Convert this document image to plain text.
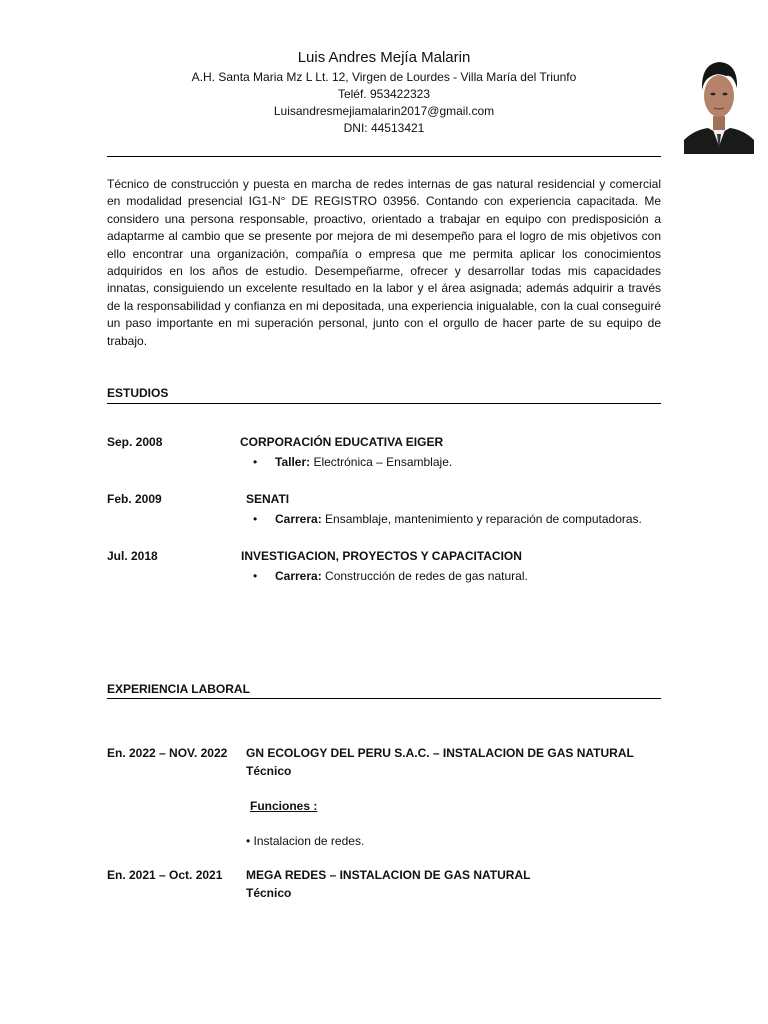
Luis Andres Mejía Malarin
A.H. Santa Maria Mz L Lt. 12, Virgen de Lourdes - Villa María del Triunfo
Teléf. 953422323
Luisandresmejiamalarin2017@gmail.com
DNI: 44513421
Técnico de construcción y puesta en marcha de redes internas de gas natural residencial y comercial en modalidad presencial IG1-N° DE REGISTRO 03956. Contando con experiencia capacitada. Me considero una persona responsable, proactivo, orientado a trabajar en equipo con predisposición a adaptarme al cambio que se presente por mejora de mi desempeño para el logro de mis objetivos con ello encontrar una organización, compañía o empresa que me permita aplicar los conocimientos adquiridos en los años de estudio. Desempeñarme, ofrecer y desarrollar todas mis capacidades innatas, consiguiendo un excelente resultado en la labor y el área asignada; además adquirir a través de la responsabilidad y confianza en mi depositada, una experiencia inigualable, con la cual conseguiré un paso importante en mi superación personal, junto con el orgullo de hacer parte de su equipo de trabajo.
ESTUDIOS
Sep. 2008	CORPORACIÓN EDUCATIVA EIGER
• Taller: Electrónica – Ensamblaje.
Feb. 2009	SENATI
• Carrera: Ensamblaje, mantenimiento y reparación de computadoras.
Jul. 2018	INVESTIGACION, PROYECTOS Y CAPACITACION
• Carrera: Construcción de redes de gas natural.
EXPERIENCIA LABORAL
En. 2022 – NOV. 2022 GN ECOLOGY DEL PERU S.A.C. – INSTALACION DE GAS NATURAL
Técnico
Funciones :
• Instalacion de redes.
En. 2021 – Oct. 2021 MEGA REDES – INSTALACION DE GAS NATURAL
Técnico
